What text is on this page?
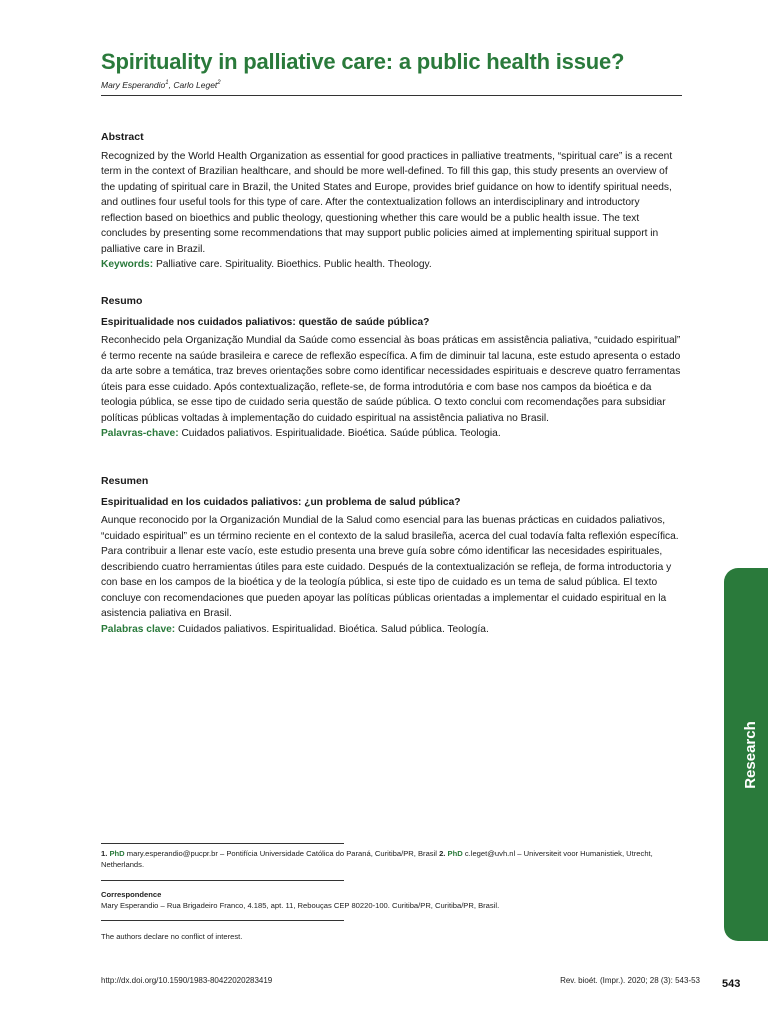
Spirituality in palliative care: a public health issue?
Mary Esperandio$^1$, Carlo Leget$^2$

Abstract

Recognized by the World Health Organization as essential for good practices in palliative treatments, “spiritual care” is a recent term in the context of Brazilian healthcare, and should be more well-defined. To fill this gap, this study presents an overview of the updating of spiritual care in Brazil, the United States and Europe, provides brief guidance on how to identify spiritual needs, and outlines four useful tools for this type of care. After the contextualization follows an interdisciplinary and introductory reflection based on bioethics and public theology, questioning whether this care would be a public health issue. The text concludes by presenting some recommendations that may support public policies aimed at implementing spiritual support in palliative care in Brazil.

Keywords: Palliative care. Spirituality. Bioethics. Public health. Theology.

Resumo

Espiritualidade nos cuidados paliativos: questão de saúde pública?

Reconhecido pela Organização Mundial da Saúde como essencial às boas práticas em assistência paliativa, “cuidado espiritual” é termo recente na saúde brasileira e carece de reflexão específica. A fim de diminuir tal lacuna, este estudo apresenta o estado da arte sobre a temática, traz breves orientações sobre como identificar necessidades espirituais e descreve quatro ferramentas úteis para esse cuidado. Após contextualização, reflete-se, de forma introdutória e com base nos campos da bioética e da teologia pública, se esse tipo de cuidado seria questão de saúde pública. O texto conclui com recomendações para subsidiar políticas públicas voltadas à implementação do cuidado espiritual na assistência paliativa no Brasil.

Palavras-chave: Cuidados paliativos. Espiritualidade. Bioética. Saúde pública. Teologia.

Resumen

Espiritualidad en los cuidados paliativos: ¿un problema de salud pública?

Aunque reconocido por la Organización Mundial de la Salud como esencial para las buenas prácticas en cuidados paliativos, “cuidado espiritual” es un término reciente en el contexto de la salud brasileña, acerca del cual todavía falta reflexión específica. Para contribuir a llenar este vacío, este estudio presenta una breve guía sobre cómo identificar las necesidades espirituales, describiendo cuatro herramientas útiles para este cuidado. Después de la contextualización se refleja, de forma introductoria y con base en los campos de la bioética y de la teología pública, si este tipo de cuidado es un tema de salud pública. El texto concluye con recomendaciones que pueden apoyar las políticas públicas orientadas a implementar el cuidado espiritual en la asistencia paliativa en Brasil.

Palabras clave: Cuidados paliativos. Espiritualidad. Bioética. Salud pública. Teología.

1. PhD mary.esperandio@pucpr.br – Pontifícia Universidade Católica do Paraná, Curitiba/PR, Brasil 2. PhD c.leget@uvh.nl – Universiteit voor Humanistiek, Utrecht, Netherlands.
Correspondence
Mary Esperandio – Rua Brigadeiro Franco, 4.185, apt. 11, Rebouças CEP 80220-100. Curitiba/PR, Curitiba/PR, Brasil.
The authors declare no conflict of interest.
http://dx.doi.org/10.1590/1983-80422020283419	Rev. bioét. (Impr.). 2020; 28 (3): 543-53 543
Research
